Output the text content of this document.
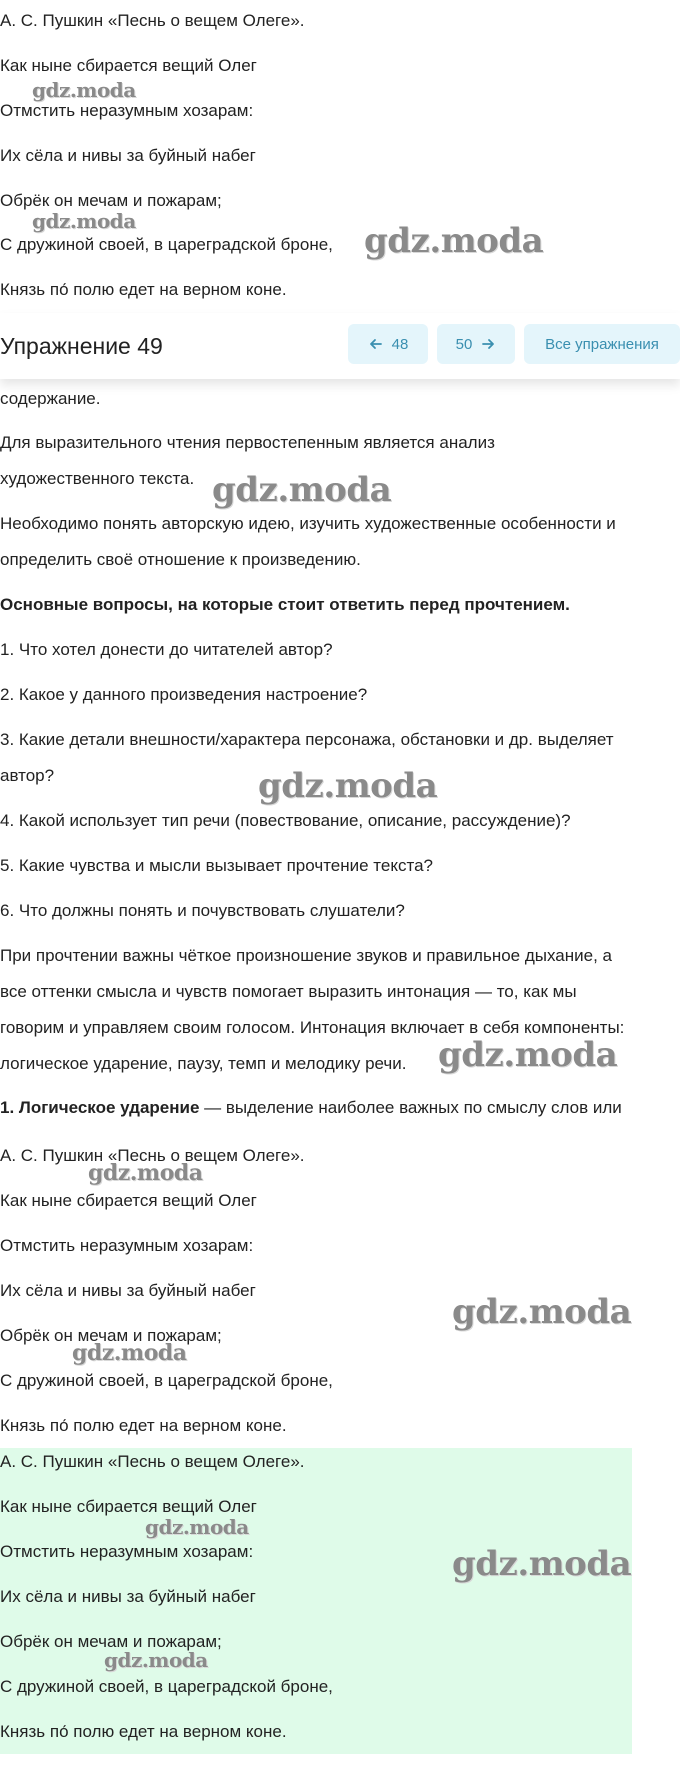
А. С. Пушкин «Песнь о вещем Олеге».
Как ныне сбирается вещий Олег
Отмстить неразумным хозарам:
Их сёла и нивы за буйный набег
Обрёк он мечам и пожарам;
С дружиной своей, в цареградской броне,
Князь по́ полю едет на верном коне.
gdz.moda
gdz.moda	gdz.moda
содержание.
Для выразительного чтения первостепенным является анализ
художественного текста.
Необходимо понять авторскую идею, изучить художественные особенности и
определить своё отношение к произведению.
Основные вопросы, на которые стоит ответить перед прочтением.
1. Что хотел донести до читателей автор?
2. Какое у данного произведения настроение?
3. Какие детали внешности/характера персонажа, обстановки и др. выделяет
автор?
4. Какой использует тип речи (повествование, описание, рассуждение)?
5. Какие чувства и мысли вызывает прочтение текста?
6. Что должны понять и почувствовать слушатели?
При прочтении важны чёткое произношение звуков и правильное дыхание, а
все оттенки смысла и чувств помогает выразить интонация — то, как мы
говорим и управляем своим голосом. Интонация включает в себя компоненты:
логическое ударение, паузу, темп и мелодику речи.
1. Логическое ударение — выделение наиболее важных по смыслу слов или
gdz.moda
gdz.moda
gdz.moda
Упражнение 49	48	50	Все упражнения
А. С. Пушкин «Песнь о вещем Олеге».
Как ныне сбирается вещий Олег
Отмстить неразумным хозарам:
Их сёла и нивы за буйный набег
Обрёк он мечам и пожарам;
С дружиной своей, в цареградской броне,
Князь по́ полю едет на верном коне.
gdz.moda
gdz.moda
gdz.moda
А. С. Пушкин «Песнь о вещем Олеге».
Как ныне сбирается вещий Олег
Отмстить неразумным хозарам:
Их сёла и нивы за буйный набег
Обрёк он мечам и пожарам;
С дружиной своей, в цареградской броне,
Князь по́ полю едет на верном коне.
gdz.moda
gdz.moda
gdz.moda
